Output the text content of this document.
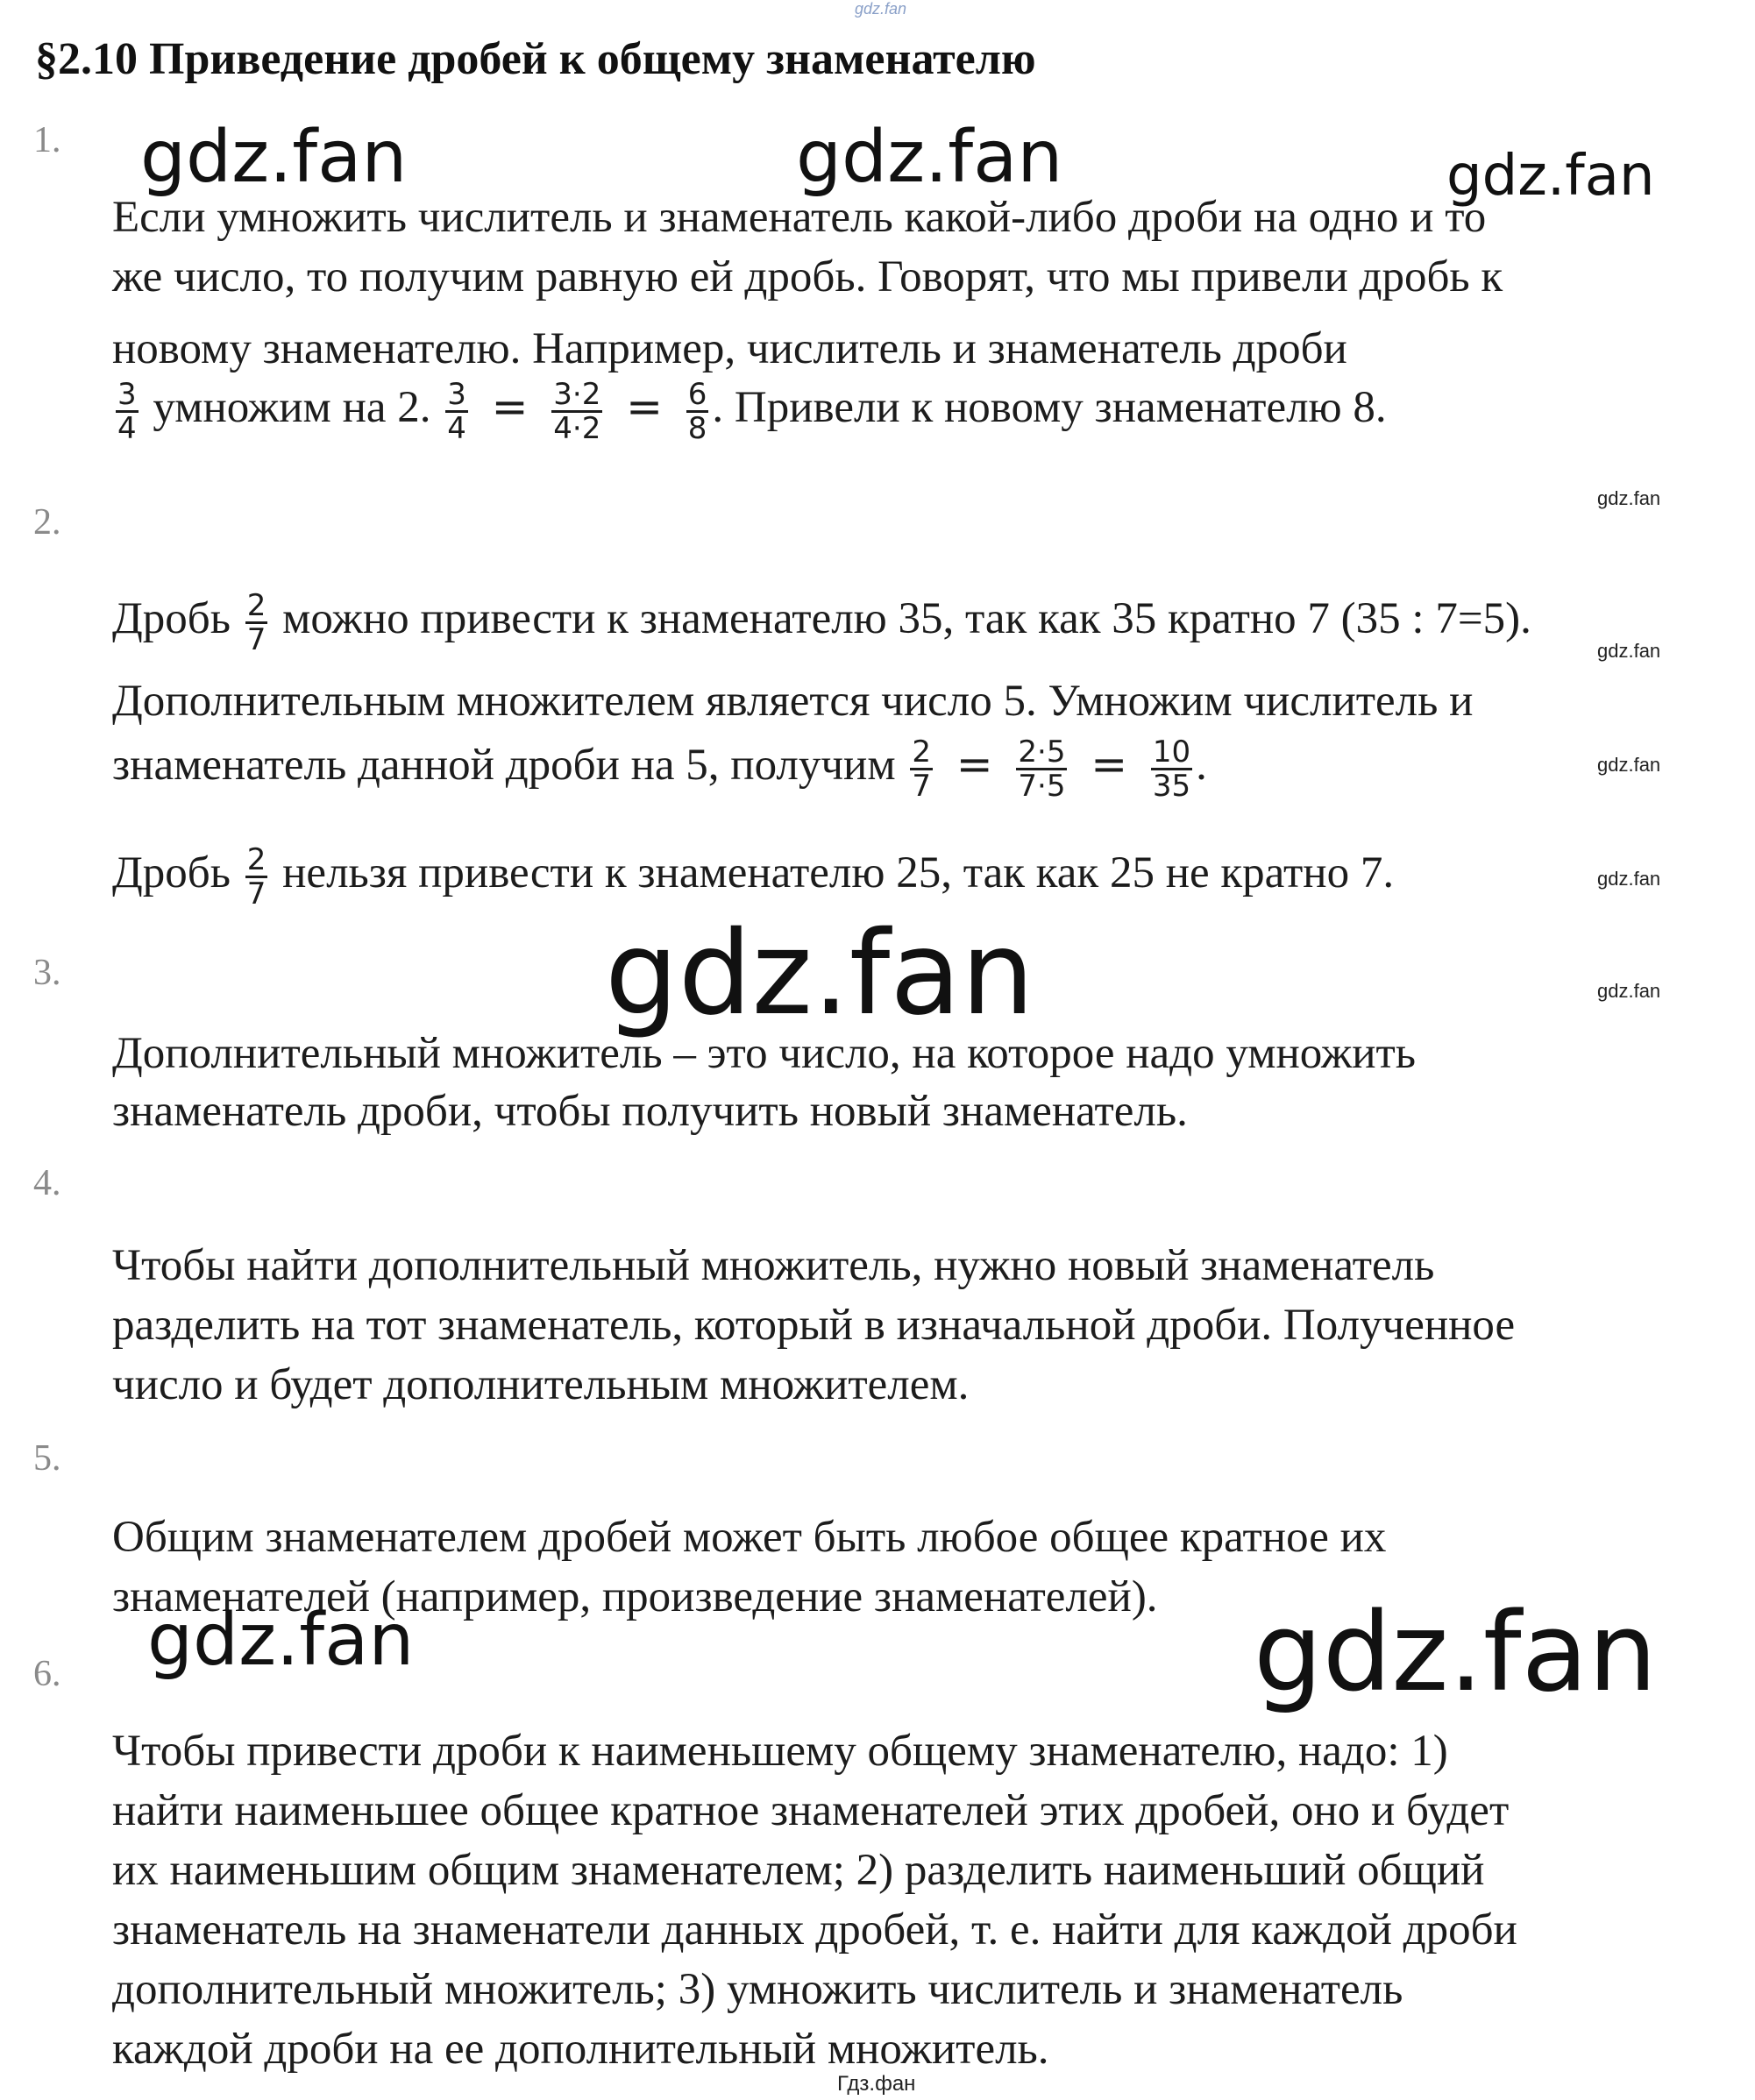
gdz.fan
§2.10 Приведение дробей к общему знаменателю
1. gdz.fan	gdz.fan	gdz.fan
Если умножить числитель и знаменатель какой-либо дроби на одно и то
же число, то получим равную ей дробь. Говорят, что мы привели дробь к
новому знаменателю. Например, числитель и знаменатель дроби
$\frac{3}{4}$ умножим на 2. $\frac{3}{4} = \frac{3\cdot 2}{4\cdot 2} = \frac{6}{8}$ . Привели к новому знаменателю 8.
2.
gdz.fan
Дробь $\frac{2}{7}$ можно привести к знаменателю 35, так как 35 кратно 7 (35 : 7=5).
gdz.fan
Дополнительным множителем является число 5. Умножим числитель и
знаменатель данной дроби на 5, получим $\frac{2}{7} = \frac{2\cdot 5}{7\cdot 5} = \frac{10}{35}$ .	gdz.fan
Дробь $\frac{2}{7}$ нельзя привести к знаменателю 25, так как 25 не кратно 7.	gdz.fan
3.	gdz.fan
Дополнительный множитель – это число, на которое надо умножить
знаменатель дроби, чтобы получить новый знаменатель.
gdz.fan
4.
Чтобы найти дополнительный множитель, нужно новый знаменатель
разделить на тот знаменатель, который в изначальной дроби. Полученное
число и будет дополнительным множителем.
5.
Общим знаменателем дробей может быть любое общее кратное их
знаменателей (например, произведение знаменателей).
gdz.fan	gdz.fan
6.
Чтобы привести дроби к наименьшему общему знаменателю, надо: 1)
найти наименьшее общее кратное знаменателей этих дробей, оно и будет
их наименьшим общим знаменателем; 2) разделить наименьший общий
знаменатель на знаменатели данных дробей, т. е. найти для каждой дроби
дополнительный множитель; 3) умножить числитель и знаменатель
каждой дроби на ее дополнительный множитель.
Гдз.фан
